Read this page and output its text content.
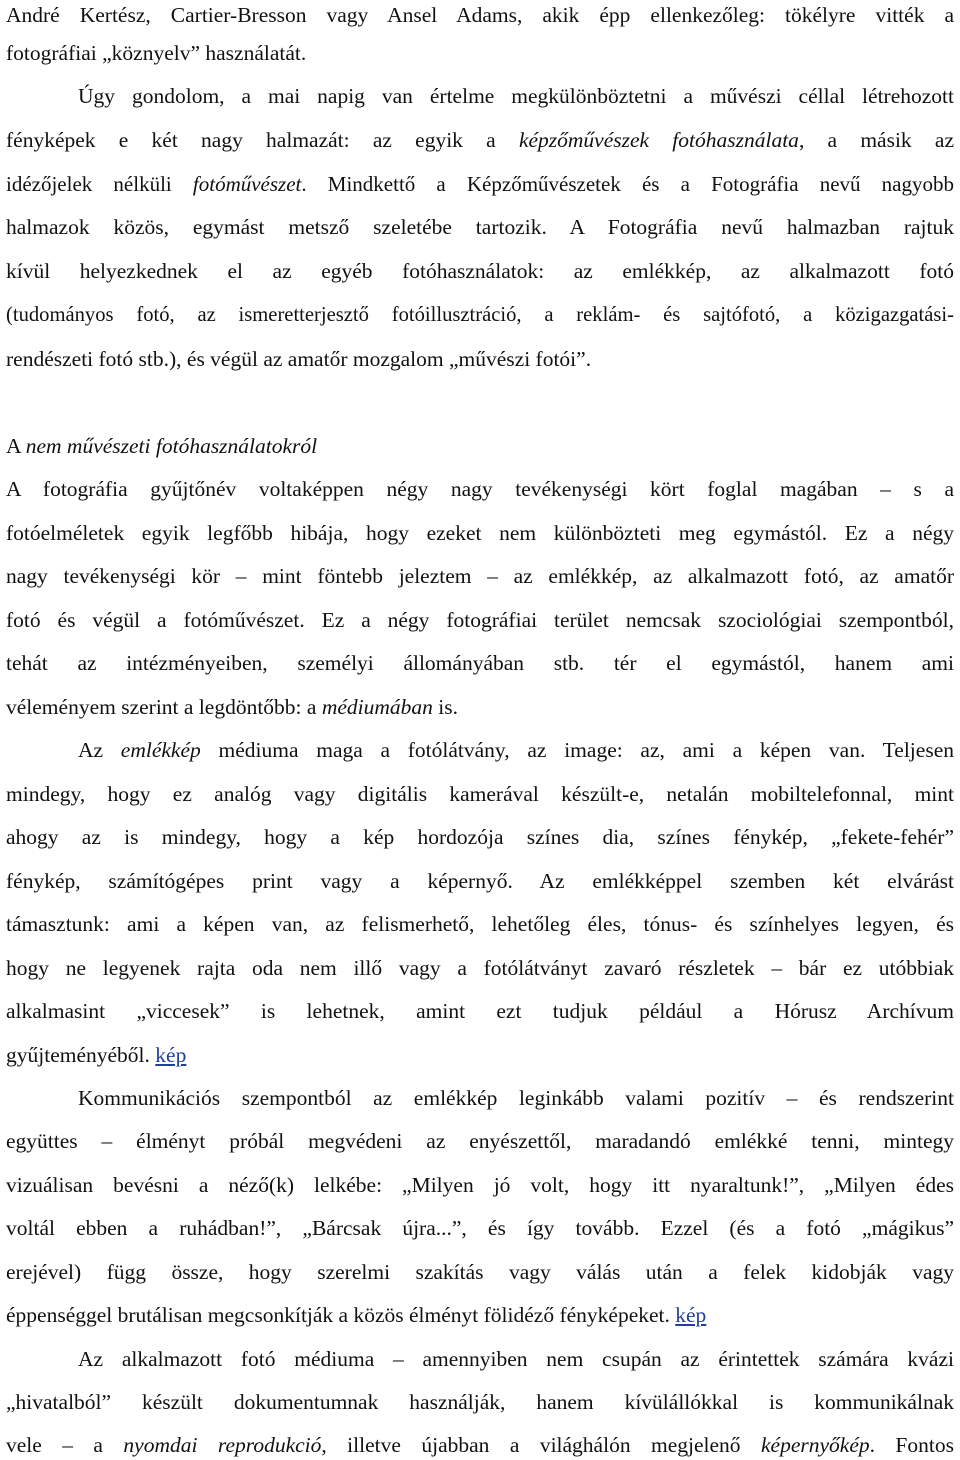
André Kertész, Cartier-Bresson vagy Ansel Adams, akik épp ellenkezőleg: tökélyre vitték a
fotográfiai „köznyelv” használatát.
Úgy gondolom, a mai napig van értelme megkülönböztetni a művészi céllal létrehozott
fényképek e két nagy halmazát: az egyik a képzőművészek fotóhasználata, a másik az
idézőjelek nélküli fotóművészet. Mindkettő a Képzőművészetek és a Fotográfia nevű nagyobb
halmazok közös, egymást metsző szeletébe tartozik. A Fotográfia nevű halmazban rajtuk
kívül helyezkednek el az egyéb fotóhasználatok: az emlékkép, az alkalmazott fotó
(tudományos fotó, az ismeretterjesztő fotóillusztráció, a reklám- és sajtófotó, a közigazgatási-
rendészeti fotó stb.), és végül az amatőr mozgalom „művészi fotói”.
A nem művészeti fotóhasználatokról
A fotográfia gyűjtőnév voltaképpen négy nagy tevékenységi kört foglal magában – s a
fotóelméletek egyik legfőbb hibája, hogy ezeket nem különbözteti meg egymástól. Ez a négy
nagy tevékenységi kör – mint föntebb jeleztem – az emlékkép, az alkalmazott fotó, az amatőr
fotó és végül a fotóművészet. Ez a négy fotográfiai terület nemcsak szociológiai szempontból,
tehát az intézményeiben, személyi állományában stb. tér el egymástól, hanem ami
véleményem szerint a legdöntőbb: a médiumában is.
Az emlékkép médiuma maga a fotólátvány, az image: az, ami a képen van. Teljesen
mindegy, hogy ez analóg vagy digitális kamerával készült-e, netalán mobiltelefonnal, mint
ahogy az is mindegy, hogy a kép hordozója színes dia, színes fénykép, „fekete-fehér”
fénykép, számítógépes print vagy a képernyő. Az emlékképpel szemben két elvárást
támasztunk: ami a képen van, az felismerhető, lehetőleg éles, tónus- és színhelyes legyen, és
hogy ne legyenek rajta oda nem illő vagy a fotólátványt zavaró részletek – bár ez utóbbiak
alkalmasint „viccesek” is lehetnek, amint ezt tudjuk például a Hórusz Archívum
gyűjteményéből. kép
Kommunikációs szempontból az emlékkép leginkább valami pozitív – és rendszerint
együttes – élményt próbál megvédeni az enyészettől, maradandó emlékké tenni, mintegy
vizuálisan bevésni a néző(k) lelkébe: „Milyen jó volt, hogy itt nyaraltunk!”, „Milyen édes
voltál ebben a ruhádban!”, „Bárcsak újra...”, és így tovább. Ezzel (és a fotó „mágikus”
erejével) függ össze, hogy szerelmi szakítás vagy válás után a felek kidobják vagy
éppenséggel brutálisan megcsonkítják a közös élményt fölidéző fényképeket. kép
Az alkalmazott fotó médiuma – amennyiben nem csupán az érintettek számára kvázi
„hivatalból” készült dokumentumnak használják, hanem kívülállókkal is kommunikálnak
vele – a nyomdai reprodukció, illetve újabban a világhálón megjelenő képernyőkép. Fontos
